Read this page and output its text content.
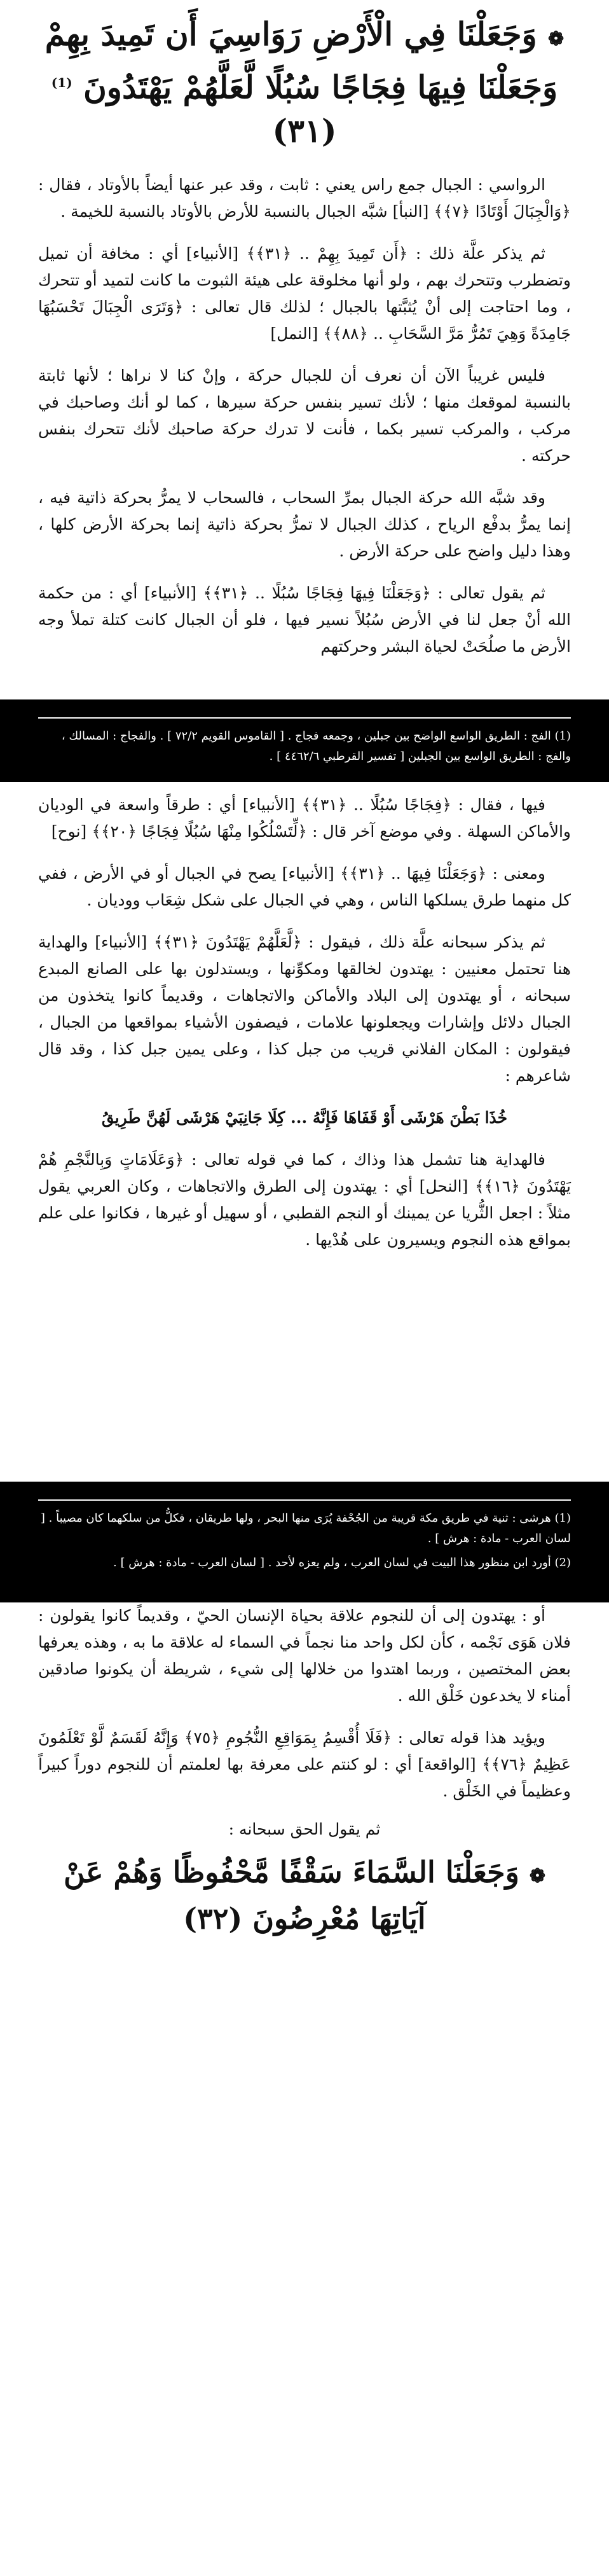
❁ وَجَعَلْنَا فِي الْأَرْضِ رَوَاسِيَ أَن تَمِيدَ بِهِمْ وَجَعَلْنَا فِيهَا فِجَاجًا سُبُلًا لَّعَلَّهُمْ يَهْتَدُونَ $^{(1)}$ (٣١)

الرواسي : الجبال جمع راس يعني : ثابت ، وقد عبر عنها أيضاً بالأوتاد ، فقال : ﴿وَالْجِبَالَ أَوْتَادًا ﴿٧﴾﴾ [النبأ] شبَّه الجبال بالنسبة للأرض بالأوتاد بالنسبة للخيمة .

ثم يذكر علَّة ذلك : ﴿أَن تَمِيدَ بِهِمْ .. ﴿٣١﴾﴾ [الأنبياء] أي : مخافة أن تميل وتضطرب وتتحرك بهم ، ولو أنها مخلوقة على هيئة الثبوت ما كانت لتميد أو تتحرك ، وما احتاجت إلى أنْ يُثبَّتها بالجبال ؛ لذلك قال تعالى : ﴿وَتَرَى الْجِبَالَ تَحْسَبُهَا جَامِدَةً وَهِيَ تَمُرُّ مَرَّ السَّحَابِ .. ﴿٨٨﴾﴾ [النمل]

فليس غريباً الآن أن نعرف أن للجبال حركة ، وإنْ كنا لا نراها ؛ لأنها ثابتة بالنسبة لموقعك منها ؛ لأنك تسير بنفس حركة سيرها ، كما لو أنك وصاحبك في مركب ، والمركب تسير بكما ، فأنت لا تدرك حركة صاحبك لأنك تتحرك بنفس حركته .

وقد شبَّه الله حركة الجبال بمرِّ السحاب ، فالسحاب لا يمرُّ بحركة ذاتية فيه ، إنما يمرُّ بدفْع الرياح ، كذلك الجبال لا تمرُّ بحركة ذاتية إنما بحركة الأرض كلها ، وهذا دليل واضح على حركة الأرض .

ثم يقول تعالى : ﴿وَجَعَلْنَا فِيهَا فِجَاجًا سُبُلًا .. ﴿٣١﴾﴾ [الأنبياء] أي : من حكمة الله أنْ جعل لنا في الأرض سُبُلاً نسير فيها ، فلو أن الجبال كانت كتلة تملأ وجه الأرض ما صلُحَتْ لحياة البشر وحركتهم

(1) الفج : الطريق الواسع الواضح بين جبلين ، وجمعه فجاج . [ القاموس القويم ٧٢/٢ ] . والفجاج : المسالك ، والفج : الطريق الواسع بين الجبلين [ تفسير القرطبي ٤٤٦٢/٦ ] .

فيها ، فقال : ﴿فِجَاجًا سُبُلًا .. ﴿٣١﴾﴾ [الأنبياء] أي : طرقاً واسعة في الوديان والأماكن السهلة . وفي موضع آخر قال : ﴿لِّتَسْلُكُوا مِنْهَا سُبُلًا فِجَاجًا ﴿٢٠﴾﴾ [نوح]

ومعنى : ﴿وَجَعَلْنَا فِيهَا .. ﴿٣١﴾﴾ [الأنبياء] يصح في الجبال أو في الأرض ، ففي كل منهما طرق يسلكها الناس ، وهي في الجبال على شكل شِعَاب ووديان .

ثم يذكر سبحانه علَّة ذلك ، فيقول : ﴿لَّعَلَّهُمْ يَهْتَدُونَ ﴿٣١﴾﴾ [الأنبياء] والهداية هنا تحتمل معنيين : يهتدون لخالقها ومكوِّنها ، ويستدلون بها على الصانع المبدع سبحانه ، أو يهتدون إلى البلاد والأماكن والاتجاهات ، وقديماً كانوا يتخذون من الجبال دلائل وإشارات ويجعلونها علامات ، فيصفون الأشياء بمواقعها من الجبال ، فيقولون : المكان الفلاني قريب من جبل كذا ، وعلى يمين جبل كذا ، وقد قال شاعرهم :

خُذَا بَطْنَ هَرْشَى أَوْ قَفَاهَا فَإِنَّهُ ... كِلَا جَانِبَيْ هَرْشَى لَهُنَّ طَرِيقُ

فالهداية هنا تشمل هذا وذاك ، كما في قوله تعالى : ﴿وَعَلَامَاتٍ وَبِالنَّجْمِ هُمْ يَهْتَدُونَ ﴿١٦﴾﴾ [النحل] أي : يهتدون إلى الطرق والاتجاهات ، وكان العربي يقول مثلاً : اجعل الثُّريا عن يمينك أو النجم القطبي ، أو سهيل أو غيرها ، فكانوا على علم بمواقع هذه النجوم ويسيرون على هُدْيها .

(1) هرشى : ثنية في طريق مكة قريبة من الجُحْفة يُرَى منها البحر ، ولها طريقان ، فكلُّ من سلكهما كان مصيباً . [ لسان العرب - مادة : هرش ] .

(2) أورد ابن منظور هذا البيت في لسان العرب ، ولم يعزه لأحد . [ لسان العرب - مادة : هرش ] .

أو : يهتدون إلى أن للنجوم علاقة بحياة الإنسان الحيّ ، وقديماً كانوا يقولون : فلان هَوَى نَجْمه ، كأن لكل واحد منا نجماً في السماء له علاقة ما به ، وهذه يعرفها بعض المختصين ، وربما اهتدوا من خلالها إلى شيء ، شريطة أن يكونوا صادقين أمناء لا يخدعون خَلْق الله .

ويؤيد هذا قوله تعالى : ﴿فَلَا أُقْسِمُ بِمَوَاقِعِ النُّجُومِ ﴿٧٥﴾ وَإِنَّهُ لَقَسَمٌ لَّوْ تَعْلَمُونَ عَظِيمٌ ﴿٧٦﴾﴾ [الواقعة] أي : لو كنتم على معرفة بها لعلمتم أن للنجوم دوراً كبيراً وعظيماً في الخَلْق .

ثم يقول الحق سبحانه :
❁ وَجَعَلْنَا السَّمَاءَ سَقْفًا مَّحْفُوظًا وَهُمْ عَنْ آيَاتِهَا مُعْرِضُونَ (٣٢)
